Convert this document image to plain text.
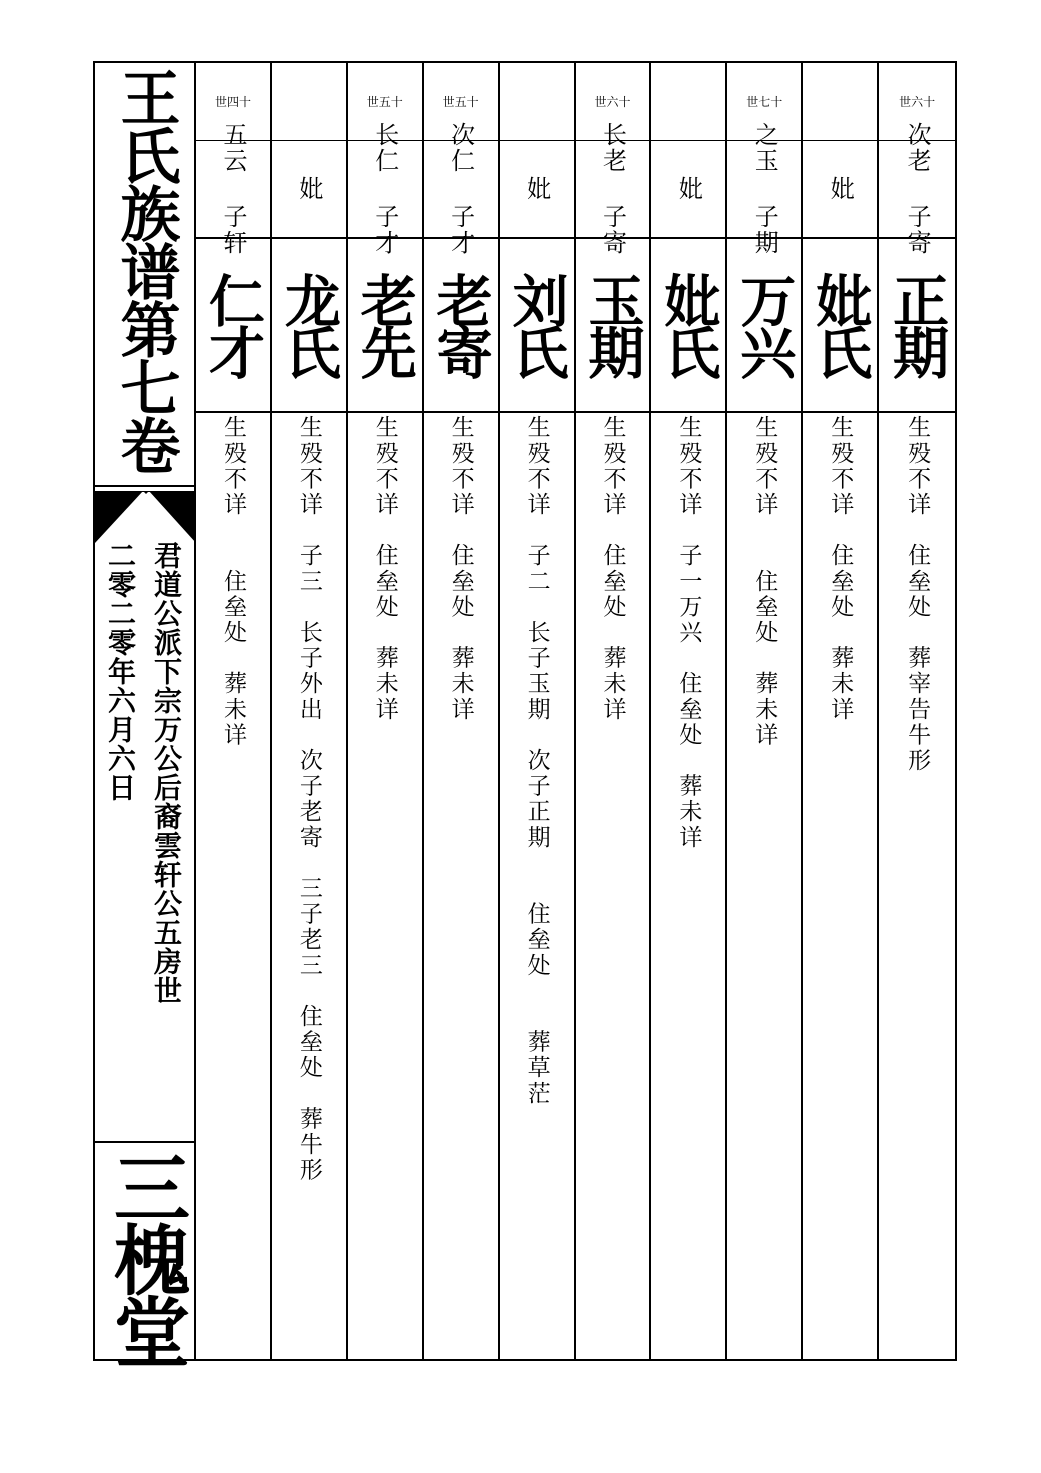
王氏族谱第七卷
君道公派下宗万公后裔雲轩公五房世
二零二零年六月六日
三槐堂
世四十
五云 子轩
仁才
生殁不详　　住垒处　葬未详
妣
龙氏
生殁不详　子三　长子外出　次子老寄　三子老三　住垒处　葬牛形
世五十
长仁 子才
老先
生殁不详　住垒处　葬未详
世五十
次仁 子才
老寄
生殁不详　住垒处　葬未详
妣
刘氏
生殁不详　子二　长子玉期　次子正期　　住垒处　　葬草茫
世六十
长老 子寄
玉期
生殁不详　住垒处　葬未详
妣
妣氏
生殁不详　子一万兴　住垒处　葬未详
世七十
之玉 子期
万兴
生殁不详　　住垒处　葬未详
妣
妣氏
生殁不详　住垒处　葬未详
世六十
次老 子寄
正期
生殁不详　住垒处　葬宰告牛形
